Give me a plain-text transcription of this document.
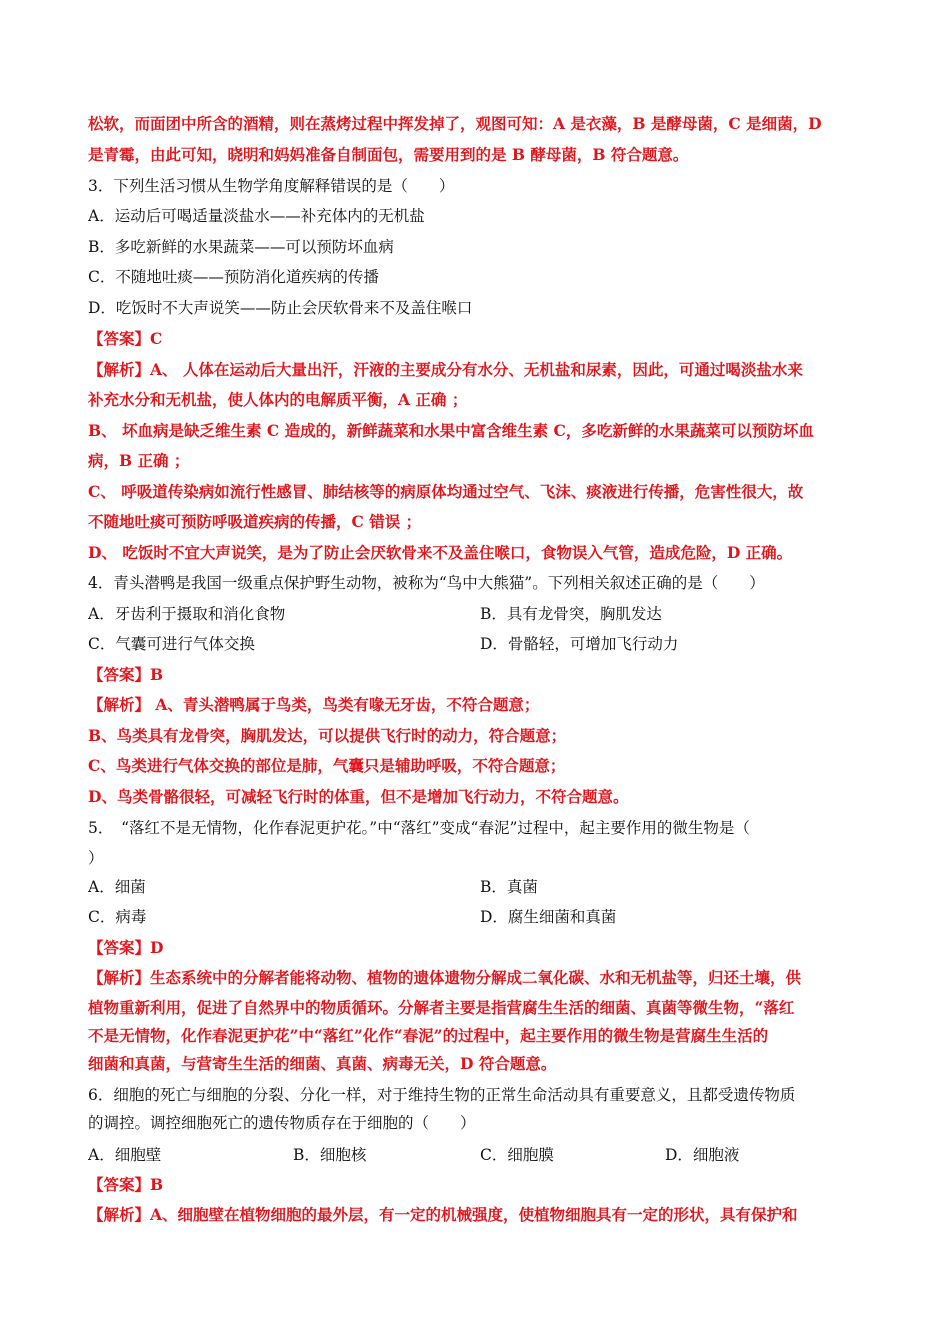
松软，而面团中所含的酒精，则在蒸烤过程中挥发掉了，观图可知：A 是衣藻，B 是酵母菌，C 是细菌，D
是青霉，由此可知，晓明和妈妈准备自制面包，需要用到的是 B 酵母菌，B 符合题意。
3．下列生活习惯从生物学角度解释错误的是（　　）
A．运动后可喝适量淡盐水——补充体内的无机盐
B．多吃新鲜的水果蔬菜——可以预防坏血病
C．不随地吐痰——预防消化道疾病的传播
D．吃饭时不大声说笑——防止会厌软骨来不及盖住喉口
【答案】C
【解析】A、 人体在运动后大量出汗，汗液的主要成分有水分、无机盐和尿素，因此，可通过喝淡盐水来
补充水分和无机盐，使人体内的电解质平衡，A 正确 ；
B、 坏血病是缺乏维生素 C 造成的，新鲜蔬菜和水果中富含维生素 C，多吃新鲜的水果蔬菜可以预防坏血
病，B 正确 ；
C、 呼吸道传染病如流行性感冒、肺结核等的病原体均通过空气、飞沫、痰液进行传播，危害性很大，故
不随地吐痰可预防呼吸道疾病的传播，C 错误 ；
D、 吃饭时不宜大声说笑，是为了防止会厌软骨来不及盖住喉口，食物误入气管，造成危险，D 正确。
4．青头潜鸭是我国一级重点保护野生动物，被称为“鸟中大熊猫”。下列相关叙述正确的是（　　）
A．牙齿利于摄取和消化食物	B．具有龙骨突，胸肌发达
C．气囊可进行气体交换	D．骨骼轻，可增加飞行动力
【答案】B
【解析】 A、青头潜鸭属于鸟类，鸟类有喙无牙齿，不符合题意；
B、鸟类具有龙骨突，胸肌发达，可以提供飞行时的动力，符合题意；
C、鸟类进行气体交换的部位是肺，气囊只是辅助呼吸，不符合题意；
D、鸟类骨骼很轻，可减轻飞行时的体重，但不是增加飞行动力，不符合题意。
5．　“落红不是无情物，化作春泥更护花。”中“落红”变成“春泥”过程中，起主要作用的微生物是（
）
A．细菌	B．真菌
C．病毒	D．腐生细菌和真菌
【答案】D
【解析】生态系统中的分解者能将动物、植物的遗体遗物分解成二氧化碳、水和无机盐等，归还土壤，供
植物重新利用，促进了自然界中的物质循环。分解者主要是指营腐生生活的细菌、真菌等微生物，“落红
不是无情物，化作春泥更护花”中“落红”化作“春泥”的过程中，起主要作用的微生物是营腐生生活的
细菌和真菌，与营寄生生活的细菌、真菌、病毒无关，D 符合题意。
6．细胞的死亡与细胞的分裂、分化一样，对于维持生物的正常生命活动具有重要意义，且都受遗传物质
的调控。调控细胞死亡的遗传物质存在于细胞的（　　）
A．细胞壁	B．细胞核	C．细胞膜	D．细胞液
【答案】B
【解析】A、细胞壁在植物细胞的最外层，有一定的机械强度，使植物细胞具有一定的形状，具有保护和
